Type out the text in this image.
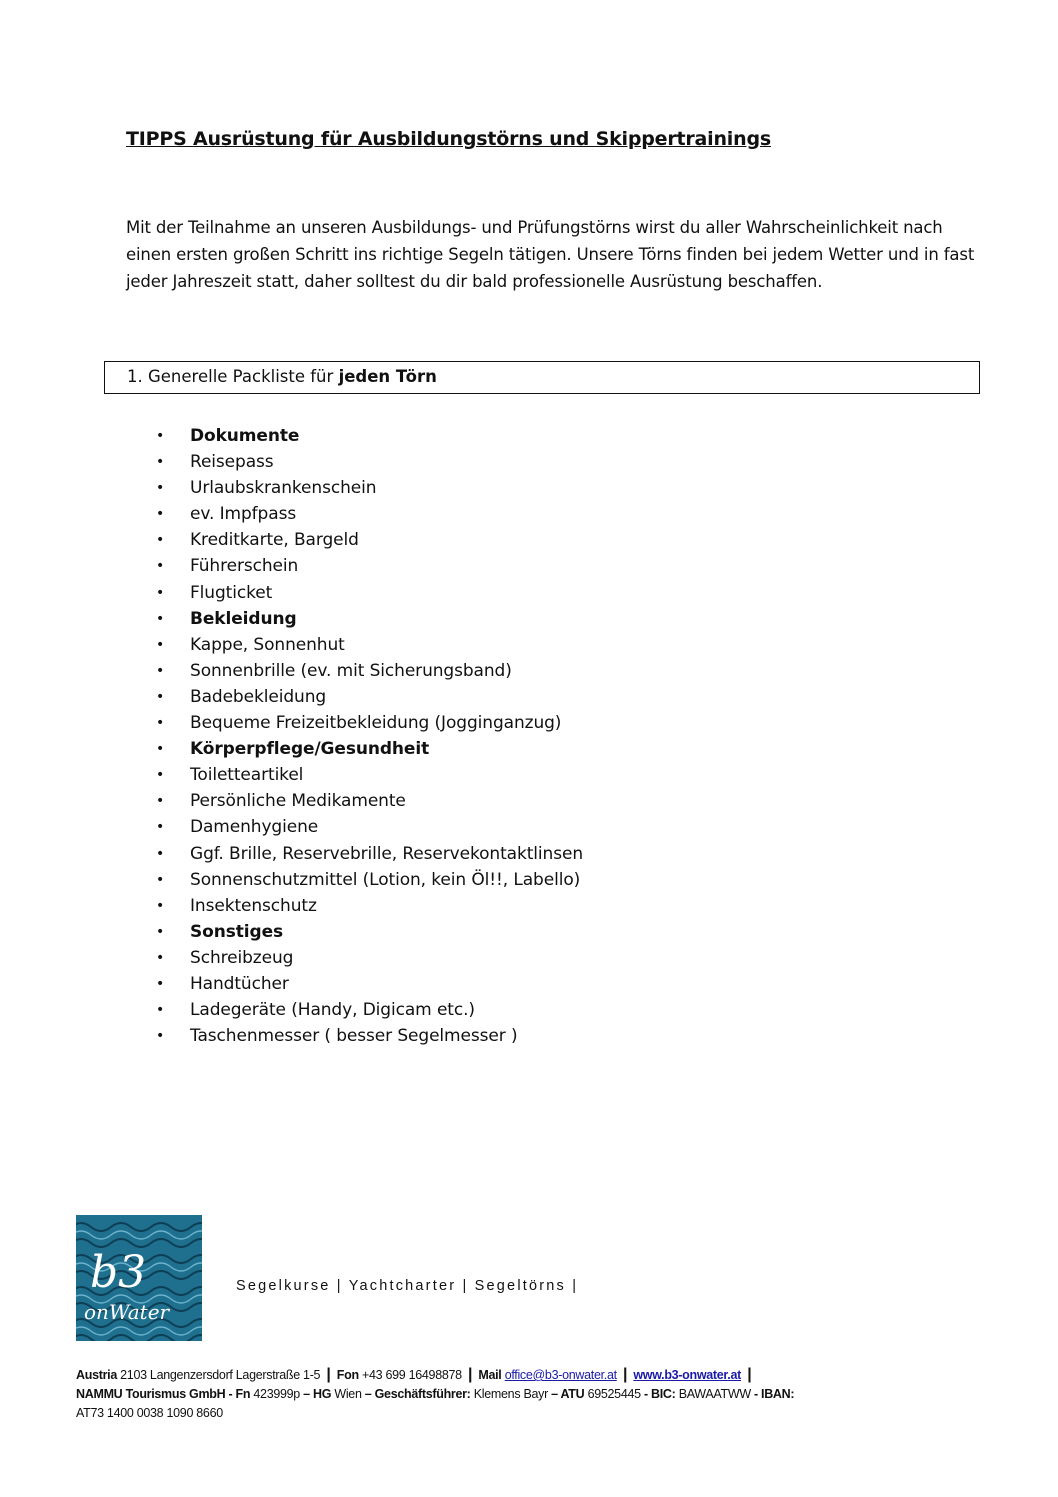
TIPPS Ausrüstung für Ausbildungstörns und Skippertrainings

Mit der Teilnahme an unseren Ausbildungs- und Prüfungstörns wirst du aller Wahrscheinlichkeit nach
einen ersten großen Schritt ins richtige Segeln tätigen. Unsere Törns finden bei jedem Wetter und in fast
jeder Jahreszeit statt, daher solltest du dir bald professionelle Ausrüstung beschaffen.

1. Generelle Packliste für jeden Törn
• Dokumente
• Reisepass
• Urlaubskrankenschein
• ev. Impfpass
• Kreditkarte, Bargeld
• Führerschein
• Flugticket
• Bekleidung
• Kappe, Sonnenhut
• Sonnenbrille (ev. mit Sicherungsband)
• Badebekleidung
• Bequeme Freizeitbekleidung (Jogginganzug)
• Körperpflege/Gesundheit
• Toiletteartikel
• Persönliche Medikamente
• Damenhygiene
• Ggf. Brille, Reservebrille, Reservekontaktlinsen
• Sonnenschutzmittel (Lotion, kein Öl!!, Labello)
• Insektenschutz
• Sonstiges
• Schreibzeug
• Handtücher
• Ladegeräte (Handy, Digicam etc.)
• Taschenmesser ( besser Segelmesser )
b3
onWater
Segelkurse | Yachtcharter | Segeltörns |
Austria 2103 Langenzersdorf Lagerstraße 1-5 | Fon +43 699 16498878 | Mail office@b3-onwater.at | www.b3-onwater.at |
NAMMU Tourismus GmbH - Fn 423999p – HG Wien – Geschäftsführer: Klemens Bayr – ATU 69525445 - BIC: BAWAATWW - IBAN:
AT73 1400 0038 1090 8660
